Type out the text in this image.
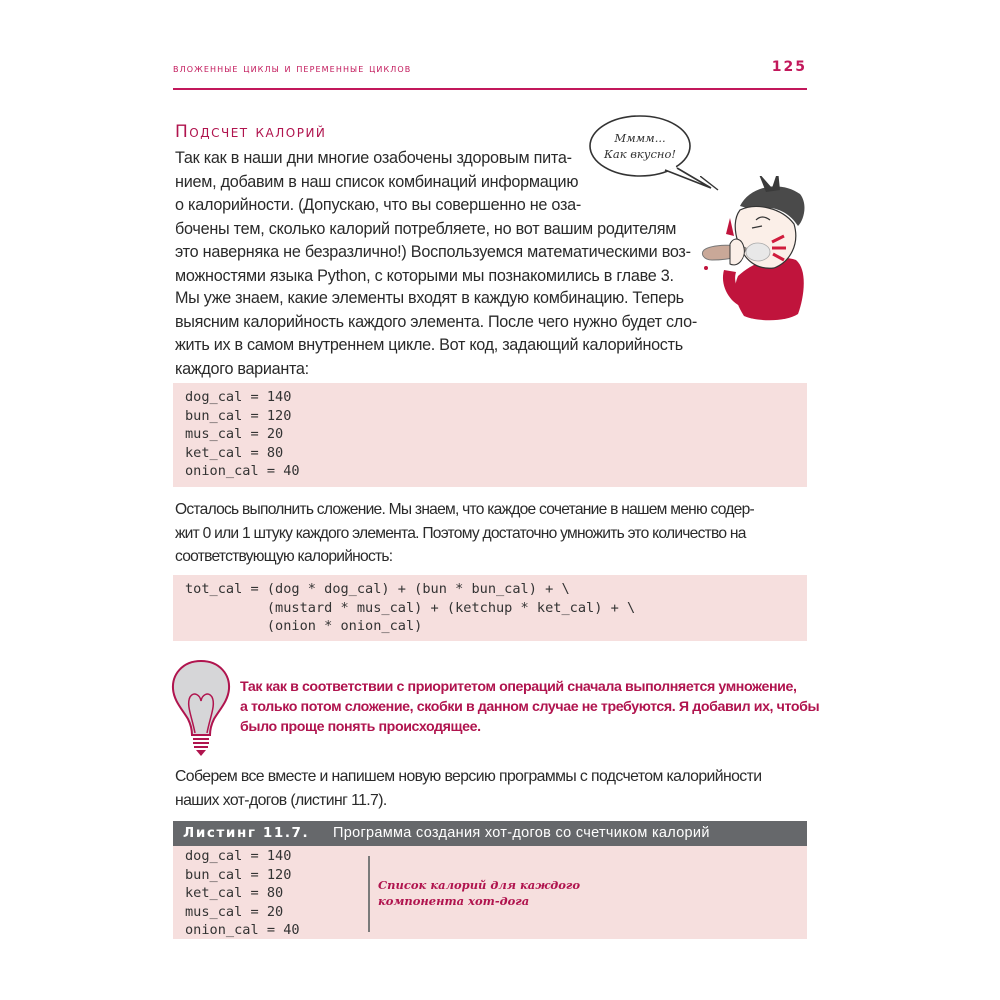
вложенные циклы и переменные циклов	125
Подсчет калорий	Мммм...
Как вкусно!
Так как в наши дни многие озабочены здоровым пита-
нием, добавим в наш список комбинаций информацию
о калорийности. (Допускаю, что вы совершенно не оза-
бочены тем, сколько калорий потребляете, но вот вашим родителям
это наверняка не безразлично!) Воспользуемся математическими воз-
можностями языка Python, с которыми мы познакомились в главе 3.
Мы уже знаем, какие элементы входят в каждую комбинацию. Теперь
выясним калорийность каждого элемента. После чего нужно будет сло-
жить их в самом внутреннем цикле. Вот код, задающий калорийность
каждого варианта:
dog_cal = 140
bun_cal = 120
mus_cal = 20
ket_cal = 80
onion_cal = 40
Осталось выполнить сложение. Мы знаем, что каждое сочетание в нашем меню содер-
жит 0 или 1 штуку каждого элемента. Поэтому достаточно умножить это количество на
соответствующую калорийность:
tot_cal = (dog * dog_cal) + (bun * bun_cal) + \
(mustard * mus_cal) + (ketchup * ket_cal) + \
(onion * onion_cal)
Так как в соответствии с приоритетом операций сначала выполняется умножение,
а только потом сложение, скобки в данном случае не требуются. Я добавил их, чтобы
было проще понять происходящее.
Соберем все вместе и напишем новую версию программы с подсчетом калорийности
наших хот-догов (листинг 11.7).
Листинг 11.7. Программа создания хот-догов со счетчиком калорий
dog_cal = 140
bun_cal = 120
ket_cal = 80
mus_cal = 20
onion_cal = 40
Список калорий для каждого
компонента хот-дога
